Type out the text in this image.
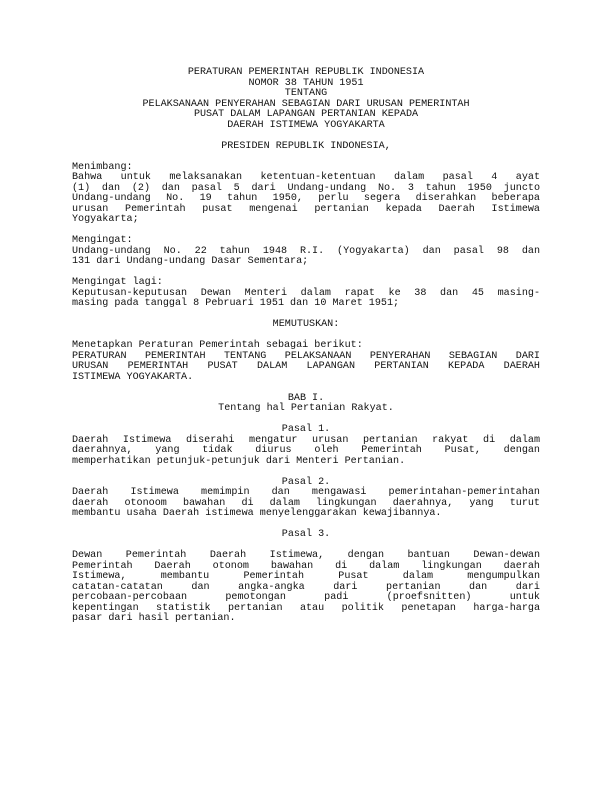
PERATURAN PEMERINTAH REPUBLIK INDONESIA
NOMOR 38 TAHUN 1951
TENTANG
PELAKSANAAN PENYERAHAN SEBAGIAN DARI URUSAN PEMERINTAH
PUSAT DALAM LAPANGAN PERTANIAN KEPADA
DAERAH ISTIMEWA YOGYAKARTA
PRESIDEN REPUBLIK INDONESIA,
Menimbang:
Bahwa untuk melaksanakan ketentuan-ketentuan dalam pasal 4 ayat
(1) dan (2) dan pasal 5 dari Undang-undang No. 3 tahun 1950 juncto
Undang-undang No. 19 tahun 1950, perlu segera diserahkan beberapa
urusan Pemerintah pusat mengenai pertanian kepada Daerah Istimewa
Yogyakarta;
Mengingat:
Undang-undang No. 22 tahun 1948 R.I. (Yogyakarta) dan pasal 98 dan
131 dari Undang-undang Dasar Sementara;
Mengingat lagi:
Keputusan-keputusan Dewan Menteri dalam rapat ke 38 dan 45 masing-
masing pada tanggal 8 Pebruari 1951 dan 10 Maret 1951;
MEMUTUSKAN:
Menetapkan Peraturan Pemerintah sebagai berikut:
PERATURAN PEMERINTAH TENTANG PELAKSANAAN PENYERAHAN SEBAGIAN DARI
URUSAN PEMERINTAH PUSAT DALAM LAPANGAN PERTANIAN KEPADA DAERAH
ISTIMEWA YOGYAKARTA.
BAB I.
Tentang hal Pertanian Rakyat.
Pasal 1.
Daerah Istimewa diserahi mengatur urusan pertanian rakyat di dalam
daerahnya, yang tidak diurus oleh Pemerintah Pusat, dengan
memperhatikan petunjuk-petunjuk dari Menteri Pertanian.
Pasal 2.
Daerah Istimewa memimpin dan mengawasi pemerintahan-pemerintahan
daerah otonoom bawahan di dalam lingkungan daerahnya, yang turut
membantu usaha Daerah istimewa menyelenggarakan kewajibannya.
Pasal 3.
Dewan Pemerintah Daerah Istimewa, dengan bantuan Dewan-dewan
Pemerintah Daerah otonom bawahan di dalam lingkungan daerah
Istimewa, membantu Pemerintah Pusat dalam mengumpulkan
catatan-catatan dan angka-angka dari pertanian dan dari
percobaan-percobaan pemotongan padi (proefsnitten) untuk
kepentingan statistik pertanian atau politik penetapan harga-harga
pasar dari hasil pertanian.
